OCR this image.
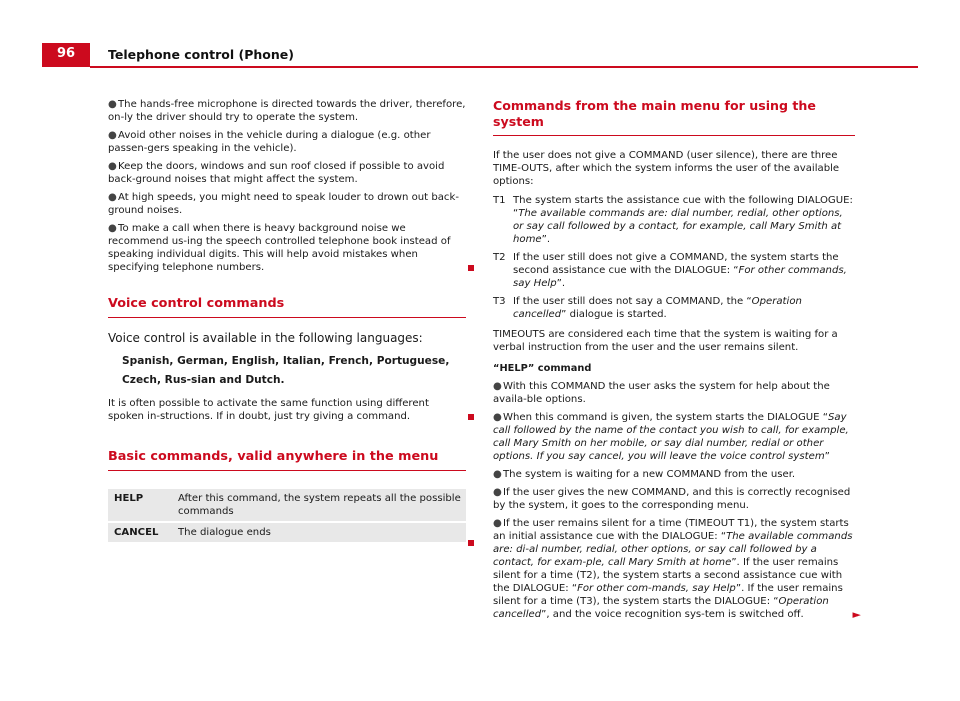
96	Telephone control (Phone)
●The hands-free microphone is directed towards the driver, therefore, on-ly the driver should try to operate the system.
●Avoid other noises in the vehicle during a dialogue (e.g. other passen-gers speaking in the vehicle).
●Keep the doors, windows and sun roof closed if possible to avoid back-ground noises that might affect the system.
●At high speeds, you might need to speak louder to drown out back-ground noises.
●To make a call when there is heavy background noise we recommend us-ing the speech controlled telephone book instead of speaking individual digits. This will help avoid mistakes when specifying telephone numbers.
Voice control commands

Voice control is available in the following languages:

Spanish, German, English, Italian, French, Portuguese, Czech, Rus-sian and Dutch.

It is often possible to activate the same function using different spoken in-structions. If in doubt, just try giving a command.

Basic commands, valid anywhere in the menu
HELP	After this command, the system repeats all the possible commands

CANCEL	The dialogue ends
Commands from the main menu for using the system

If the user does not give a COMMAND (user silence), there are three TIME-OUTS, after which the system informs the user of the available options:

T1 The system starts the assistance cue with the following DIALOGUE: “The available commands are: dial number, redial, other options, or say call followed by a contact, for example, call Mary Smith at home”.
T2 If the user still does not give a COMMAND, the system starts the second assistance cue with the DIALOGUE: “For other commands, say Help”.
T3 If the user still does not say a COMMAND, the “Operation cancelled” dialogue is started.

TIMEOUTS are considered each time that the system is waiting for a verbal instruction from the user and the user remains silent.

“HELP” command
●With this COMMAND the user asks the system for help about the availa-ble options.
●When this command is given, the system starts the DIALOGUE “Say call followed by the name of the contact you wish to call, for example, call Mary Smith on her mobile, or say dial number, redial or other options. If you say cancel, you will leave the voice control system”
●The system is waiting for a new COMMAND from the user.
●If the user gives the new COMMAND, and this is correctly recognised by the system, it goes to the corresponding menu.
●If the user remains silent for a time (TIMEOUT T1), the system starts an initial assistance cue with the DIALOGUE: “The available commands are: di-al number, redial, other options, or say call followed by a contact, for exam-ple, call Mary Smith at home”. If the user remains silent for a time (T2), the system starts a second assistance cue with the DIALOGUE: “For other com-mands, say Help”. If the user remains silent for a time (T3), the system starts the DIALOGUE: “Operation cancelled”, and the voice recognition sys-tem is switched off.	►
